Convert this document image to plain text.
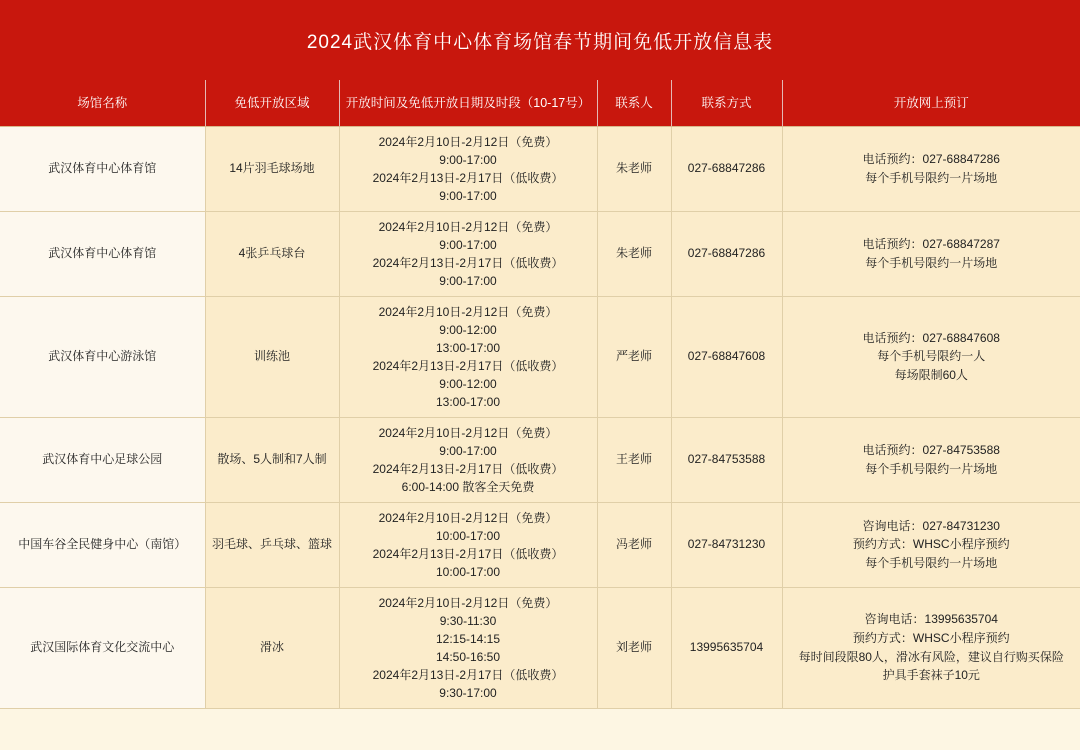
2024武汉体育中心体育场馆春节期间免低开放信息表
场馆名称	免低开放区域	开放时间及免低开放日期及时段（10-17号）	联系人	联系方式	开放网上预订
武汉体育中心体育馆	14片羽毛球场地	2024年2月10日-2月12日（免费）
9:00-17:00
2024年2月13日-2月17日（低收费）
9:00-17:00	朱老师	027-68847286	电话预约：027-68847286
每个手机号限约一片场地

武汉体育中心体育馆	4张乒乓球台	2024年2月10日-2月12日（免费）
9:00-17:00
2024年2月13日-2月17日（低收费）
9:00-17:00	朱老师	027-68847286	电话预约：027-68847287
每个手机号限约一片场地

武汉体育中心游泳馆	训练池	
2024年2月10日-2月12日（免费）
9:00-12:00
13:00-17:00
2024年2月13日-2月17日（低收费）
9:00-12:00
13:00-17:00
	严老师	027-68847608	
电话预约：027-68847608
每个手机号限约一人
每场限制60人

武汉体育中心足球公园	散场、5人制和7人制	2024年2月10日-2月12日（免费）
9:00-17:00
2024年2月13日-2月17日（低收费）
6:00-14:00 散客全天免费	王老师	027-84753588	电话预约：027-84753588
每个手机号限约一片场地

中国车谷全民健身中心（南馆）	羽毛球、乒乓球、篮球	2024年2月10日-2月12日（免费）
10:00-17:00
2024年2月13日-2月17日（低收费）
10:00-17:00	冯老师	027-84731230	咨询电话：027-84731230
预约方式：WHSC小程序预约
每个手机号限约一片场地

武汉国际体育文化交流中心	滑冰	
2024年2月10日-2月12日（免费）
9:30-11:30
12:15-14:15
14:50-16:50
2024年2月13日-2月17日（低收费）
9:30-17:00
	刘老师	13995635704	
咨询电话：13995635704
预约方式：WHSC小程序预约
每时间段限80人，滑冰有风险，建议自行购买保险
护具手套袜子10元
